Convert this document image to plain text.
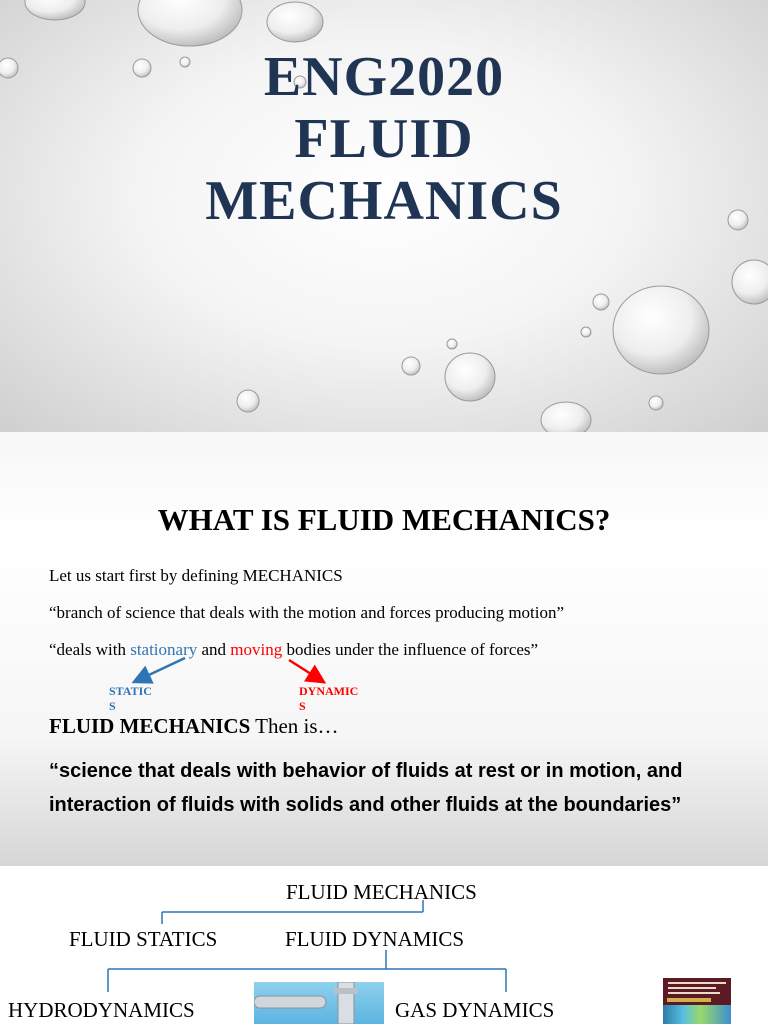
ENG2020
FLUID
MECHANICS
WHAT IS FLUID MECHANICS?
Let us start first by defining MECHANICS
“branch of science that deals with the motion and forces producing motion”
“deals with stationary and moving bodies under the influence of forces”
STATIC
S
DYNAMIC
S
FLUID MECHANICS Then is…
“science that deals with behavior of fluids at rest or in motion, and interaction of fluids with solids and other fluids at the boundaries”
FLUID MECHANICS
FLUID STATICS	FLUID DYNAMICS
HYDRODYNAMICS	GAS DYNAMICS
